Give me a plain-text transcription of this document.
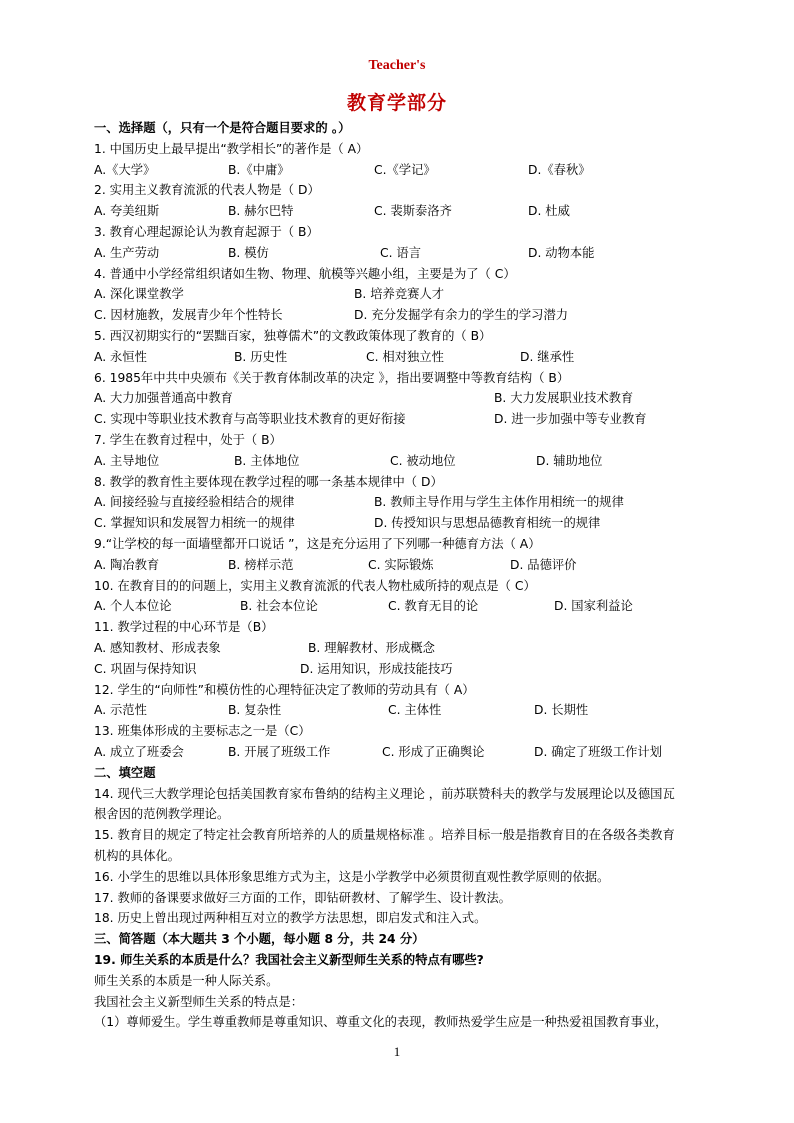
Teacher's
教育学部分
一、选择题（，只有一个是符合题目要求的 。）
1. 中国历史上最早提出“教学相长”的著作是（ A）
A.《大学》	B.《中庸》	C.《学记》	D.《春秋》
2. 实用主义教育流派的代表人物是（ D）
A. 夸美纽斯	B. 赫尔巴特	C. 裴斯泰洛齐	D. 杜威
3. 教育心理起源论认为教育起源于（ B）
A. 生产劳动	B. 模仿	C. 语言	D. 动物本能
4. 普通中小学经常组织诸如生物、物理、航模等兴趣小组，主要是为了（ C）
A. 深化课堂教学	B. 培养竞赛人才
C. 因材施教，发展青少年个性特长	D. 充分发掘学有余力的学生的学习潜力
5. 西汉初期实行的“罢黜百家，独尊儒术”的文教政策体现了教育的（ B）
A. 永恒性	B. 历史性	C. 相对独立性	D. 继承性
6. 1985年中共中央颁布《关于教育体制改革的决定 》，指出要调整中等教育结构（ B）
A. 大力加强普通高中教育	B. 大力发展职业技术教育
C. 实现中等职业技术教育与高等职业技术教育的更好衔接	D. 进一步加强中等专业教育
7. 学生在教育过程中，处于（ B）
A. 主导地位	B. 主体地位	C. 被动地位	D. 辅助地位
8. 教学的教育性主要体现在教学过程的哪一条基本规律中（ D）
A. 间接经验与直接经验相结合的规律	B. 教师主导作用与学生主体作用相统一的规律
C. 掌握知识和发展智力相统一的规律	D. 传授知识与思想品德教育相统一的规律
9.“让学校的每一面墙壁都开口说话 ”，这是充分运用了下列哪一种德育方法（ A）
A. 陶冶教育	B. 榜样示范	C. 实际锻炼	D. 品德评价
10. 在教育目的的问题上，实用主义教育流派的代表人物杜威所持的观点是（ C）
A. 个人本位论	B. 社会本位论	C. 教育无目的论	D. 国家利益论
11. 教学过程的中心环节是（B）
A. 感知教材、形成表象	B. 理解教材、形成概念
C. 巩固与保持知识	D. 运用知识，形成技能技巧
12. 学生的“向师性”和模仿性的心理特征决定了教师的劳动具有（ A）
A. 示范性	B. 复杂性	C. 主体性	D. 长期性
13. 班集体形成的主要标志之一是（C）
A. 成立了班委会	B. 开展了班级工作	C. 形成了正确舆论	D. 确定了班级工作计划
二、填空题
14. 现代三大教学理论包括美国教育家布鲁纳的结构主义理论 ，前苏联赞科夫的教学与发展理论以及德国瓦
根舍因的范例教学理论。
15. 教育目的规定了特定社会教育所培养的人的质量规格标准 。培养目标一般是指教育目的在各级各类教育
机构的具体化。
16. 小学生的思维以具体形象思维方式为主，这是小学教学中必须贯彻直观性教学原则的依据。
17. 教师的备课要求做好三方面的工作，即钻研教材、了解学生、设计教法。
18. 历史上曾出现过两种相互对立的教学方法思想，即启发式和注入式。
三、简答题（本大题共 3 个小题，每小题 8 分，共 24 分）
19. 师生关系的本质是什么？我国社会主义新型师生关系的特点有哪些?
师生关系的本质是一种人际关系。
我国社会主义新型师生关系的特点是：
（1）尊师爱生。学生尊重教师是尊重知识、尊重文化的表现，教师热爱学生应是一种热爱祖国教育事业，
1
